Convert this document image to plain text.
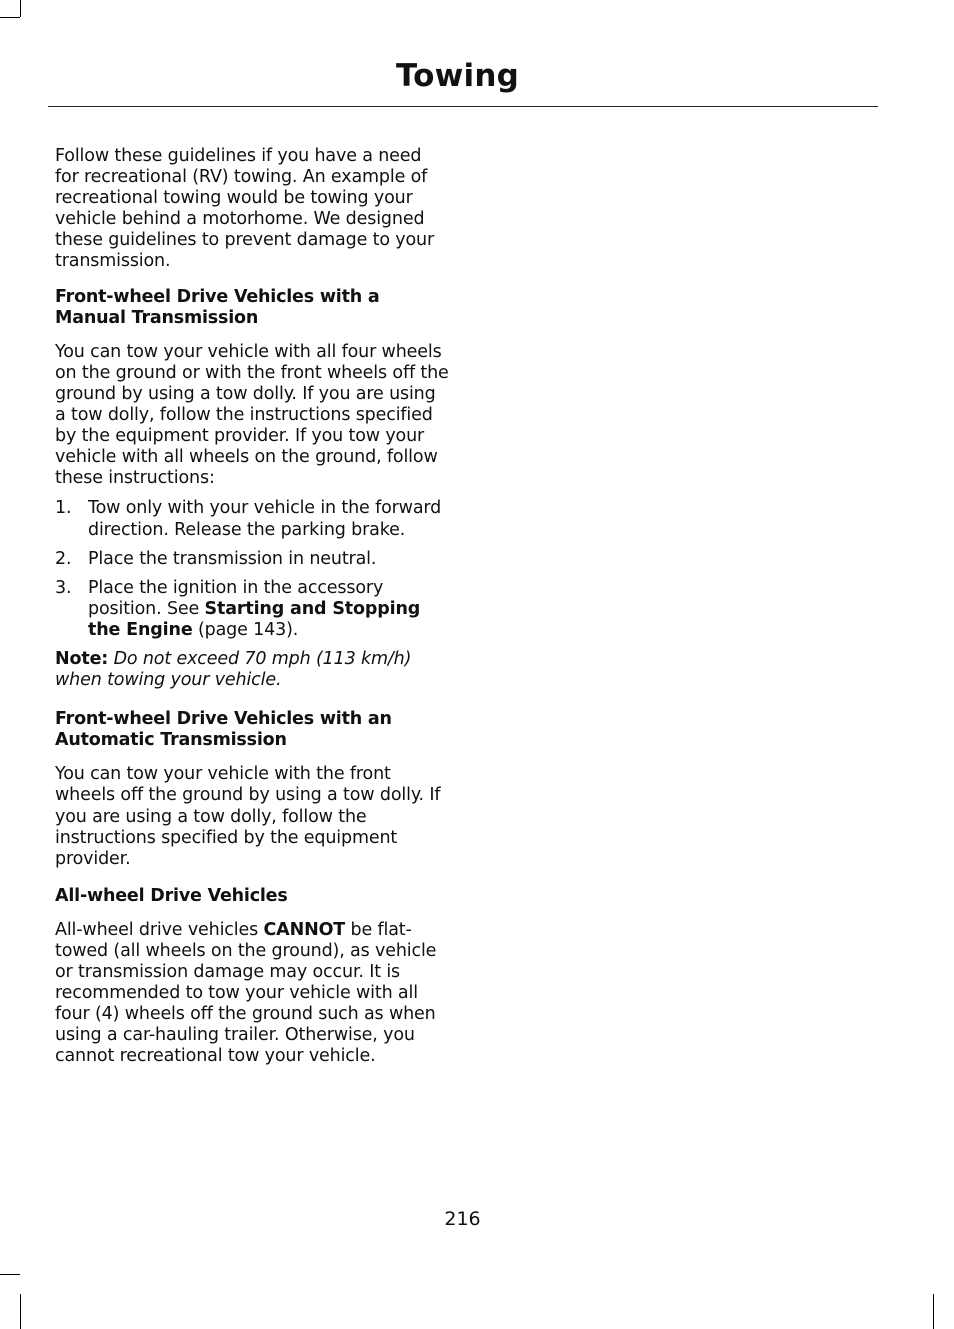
Towing

Follow these guidelines if you have a need for recreational (RV) towing. An example of recreational towing would be towing your vehicle behind a motorhome. We designed these guidelines to prevent damage to your transmission.

Front-wheel Drive Vehicles with a Manual Transmission

You can tow your vehicle with all four wheels on the ground or with the front wheels off the ground by using a tow dolly. If you are using a tow dolly, follow the instructions specified by the equipment provider. If you tow your vehicle with all wheels on the ground, follow these instructions:

1. Tow only with your vehicle in the forward direction. Release the parking brake.
2. Place the transmission in neutral.
3. Place the ignition in the accessory position. See Starting and Stopping the Engine (page 143).

Note: Do not exceed 70 mph (113 km/h) when towing your vehicle.

Front-wheel Drive Vehicles with an Automatic Transmission

You can tow your vehicle with the front wheels off the ground by using a tow dolly. If you are using a tow dolly, follow the instructions specified by the equipment provider.

All-wheel Drive Vehicles

All-wheel drive vehicles CANNOT be flat-towed (all wheels on the ground), as vehicle or transmission damage may occur. It is recommended to tow your vehicle with all four (4) wheels off the ground such as when using a car-hauling trailer. Otherwise, you cannot recreational tow your vehicle.

216
